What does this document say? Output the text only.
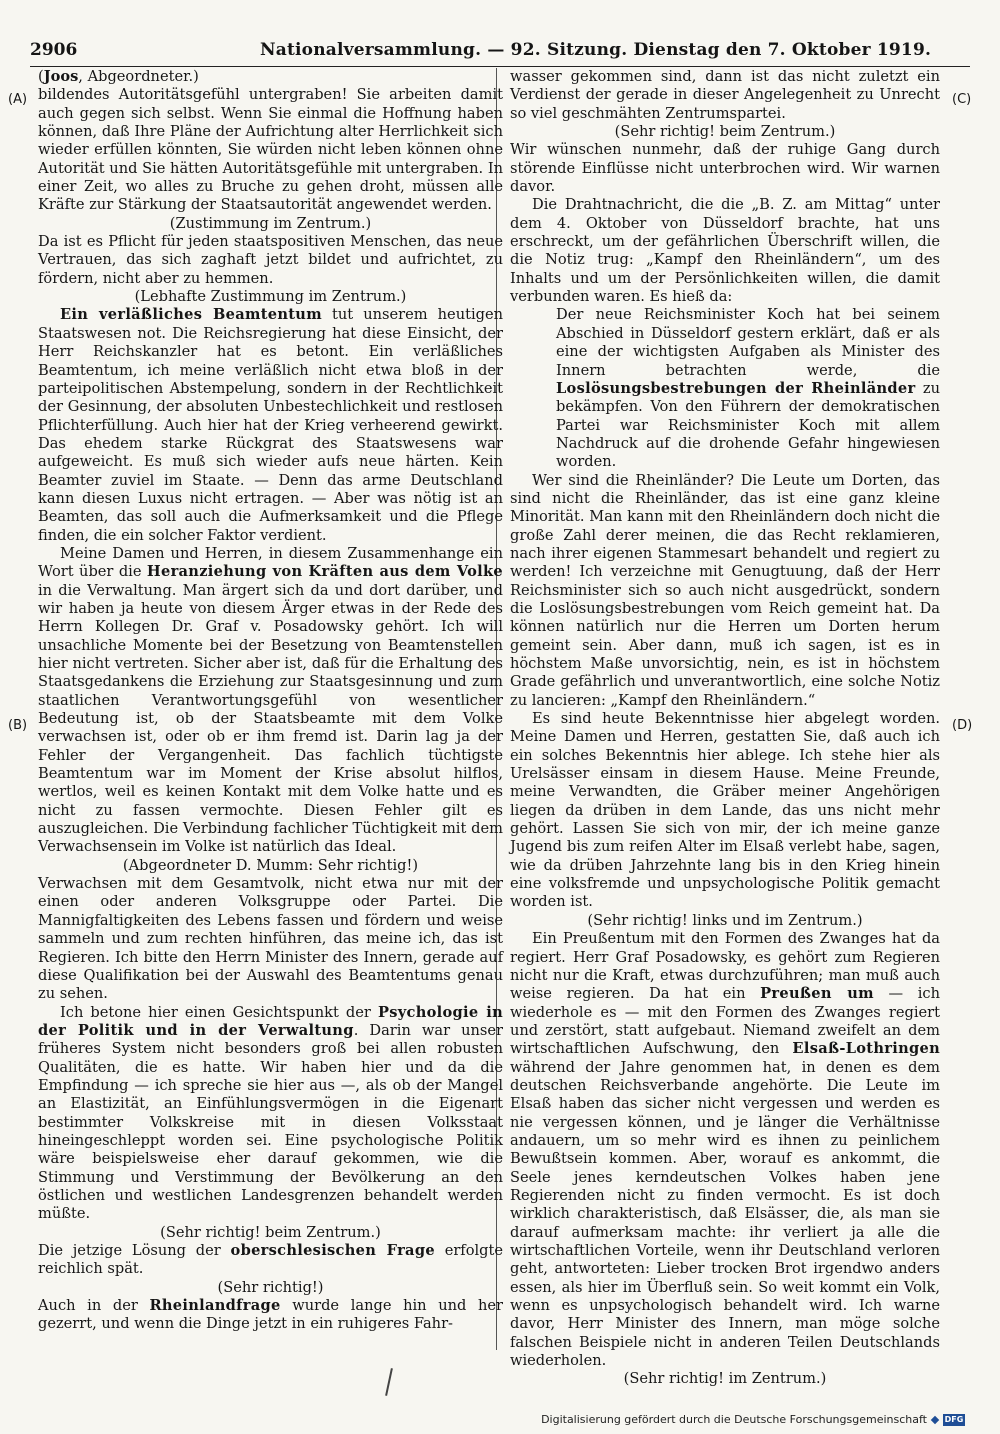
2906	Nationalversammlung. — 92. Sitzung. Dienstag den 7. Oktober 1919.
(A)
(B)
(C)
(D)

(Joos, Abgeordneter.)

bildendes Autoritätsgefühl untergraben! Sie arbeiten damit auch gegen sich selbst. Wenn Sie einmal die Hoffnung haben können, daß Ihre Pläne der Aufrichtung alter Herrlichkeit sich wieder erfüllen könnten, Sie würden nicht leben können ohne Autorität und Sie hätten Autoritätsgefühle mit untergraben. In einer Zeit, wo alles zu Bruche zu gehen droht, müssen alle Kräfte zur Stärkung der Staatsautorität angewendet werden.

(Zustimmung im Zentrum.)

Da ist es Pflicht für jeden staatspositiven Menschen, das neue Vertrauen, das sich zaghaft jetzt bildet und aufrichtet, zu fördern, nicht aber zu hemmen.

(Lebhafte Zustimmung im Zentrum.)

Ein verläßliches Beamtentum tut unserem heutigen Staatswesen not. Die Reichsregierung hat diese Einsicht, der Herr Reichskanzler hat es betont. Ein verläßliches Beamtentum, ich meine verläßlich nicht etwa bloß in der parteipolitischen Abstempelung, sondern in der Rechtlichkeit der Gesinnung, der absoluten Unbestechlichkeit und restlosen Pflichterfüllung. Auch hier hat der Krieg verheerend gewirkt. Das ehedem starke Rückgrat des Staatswesens war aufgeweicht. Es muß sich wieder aufs neue härten. Kein Beamter zuviel im Staate. — Denn das arme Deutschland kann diesen Luxus nicht ertragen. — Aber was nötig ist an Beamten, das soll auch die Aufmerksamkeit und die Pflege finden, die ein solcher Faktor verdient.

Meine Damen und Herren, in diesem Zusammenhange ein Wort über die Heranziehung von Kräften aus dem Volke in die Verwaltung. Man ärgert sich da und dort darüber, und wir haben ja heute von diesem Ärger etwas in der Rede des Herrn Kollegen Dr. Graf v. Posadowsky gehört. Ich will unsachliche Momente bei der Besetzung von Beamtenstellen hier nicht vertreten. Sicher aber ist, daß für die Erhaltung des Staatsgedankens die Erziehung zur Staatsgesinnung und zum staatlichen Verantwortungsgefühl von wesentlicher Bedeutung ist, ob der Staatsbeamte mit dem Volke verwachsen ist, oder ob er ihm fremd ist. Darin lag ja der Fehler der Vergangenheit. Das fachlich tüchtigste Beamtentum war im Moment der Krise absolut hilflos, wertlos, weil es keinen Kontakt mit dem Volke hatte und es nicht zu fassen vermochte. Diesen Fehler gilt es auszugleichen. Die Verbindung fachlicher Tüchtigkeit mit dem Verwachsensein im Volke ist natürlich das Ideal.

(Abgeordneter D. Mumm: Sehr richtig!)

Verwachsen mit dem Gesamtvolk, nicht etwa nur mit der einen oder anderen Volksgruppe oder Partei. Die Mannigfaltigkeiten des Lebens fassen und fördern und weise sammeln und zum rechten hinführen, das meine ich, das ist Regieren. Ich bitte den Herrn Minister des Innern, gerade auf diese Qualifikation bei der Auswahl des Beamtentums genau zu sehen.

Ich betone hier einen Gesichtspunkt der Psychologie in der Politik und in der Verwaltung. Darin war unser früheres System nicht besonders groß bei allen robusten Qualitäten, die es hatte. Wir haben hier und da die Empfindung — ich spreche sie hier aus —, als ob der Mangel an Elastizität, an Einfühlungsvermögen in die Eigenart bestimmter Volkskreise mit in diesen Volksstaat hineingeschleppt worden sei. Eine psychologische Politik wäre beispielsweise eher darauf gekommen, wie die Stimmung und Verstimmung der Bevölkerung an den östlichen und westlichen Landesgrenzen behandelt werden müßte.

(Sehr richtig! beim Zentrum.)

Die jetzige Lösung der oberschlesischen Frage erfolgte reichlich spät.

(Sehr richtig!)

Auch in der Rheinlandfrage wurde lange hin und her gezerrt, und wenn die Dinge jetzt in ein ruhigeres Fahr-

wasser gekommen sind, dann ist das nicht zuletzt ein Verdienst der gerade in dieser Angelegenheit zu Unrecht so viel geschmähten Zentrumspartei.

(Sehr richtig! beim Zentrum.)

Wir wünschen nunmehr, daß der ruhige Gang durch störende Einflüsse nicht unterbrochen wird. Wir warnen davor.

Die Drahtnachricht, die die „B. Z. am Mittag“ unter dem 4. Oktober von Düsseldorf brachte, hat uns erschreckt, um der gefährlichen Überschrift willen, die die Notiz trug: „Kampf den Rheinländern“, um des Inhalts und um der Persönlichkeiten willen, die damit verbunden waren. Es hieß da:

Der neue Reichsminister Koch hat bei seinem Abschied in Düsseldorf gestern erklärt, daß er als eine der wichtigsten Aufgaben als Minister des Innern betrachten werde, die Loslösungsbestrebungen der Rheinländer zu bekämpfen. Von den Führern der demokratischen Partei war Reichsminister Koch mit allem Nachdruck auf die drohende Gefahr hingewiesen worden.

Wer sind die Rheinländer? Die Leute um Dorten, das sind nicht die Rheinländer, das ist eine ganz kleine Minorität. Man kann mit den Rheinländern doch nicht die große Zahl derer meinen, die das Recht reklamieren, nach ihrer eigenen Stammesart behandelt und regiert zu werden! Ich verzeichne mit Genugtuung, daß der Herr Reichsminister sich so auch nicht ausgedrückt, sondern die Loslösungsbestrebungen vom Reich gemeint hat. Da können natürlich nur die Herren um Dorten herum gemeint sein. Aber dann, muß ich sagen, ist es in höchstem Maße unvorsichtig, nein, es ist in höchstem Grade gefährlich und unverantwortlich, eine solche Notiz zu lancieren: „Kampf den Rheinländern.“

Es sind heute Bekenntnisse hier abgelegt worden. Meine Damen und Herren, gestatten Sie, daß auch ich ein solches Bekenntnis hier ablege. Ich stehe hier als Urelsässer einsam in diesem Hause. Meine Freunde, meine Verwandten, die Gräber meiner Angehörigen liegen da drüben in dem Lande, das uns nicht mehr gehört. Lassen Sie sich von mir, der ich meine ganze Jugend bis zum reifen Alter im Elsaß verlebt habe, sagen, wie da drüben Jahrzehnte lang bis in den Krieg hinein eine volksfremde und unpsychologische Politik gemacht worden ist.

(Sehr richtig! links und im Zentrum.)

Ein Preußentum mit den Formen des Zwanges hat da regiert. Herr Graf Posadowsky, es gehört zum Regieren nicht nur die Kraft, etwas durchzuführen; man muß auch weise regieren. Da hat ein Preußen um — ich wiederhole es — mit den Formen des Zwanges regiert und zerstört, statt aufgebaut. Niemand zweifelt an dem wirtschaftlichen Aufschwung, den Elsaß-Lothringen während der Jahre genommen hat, in denen es dem deutschen Reichsverbande angehörte. Die Leute im Elsaß haben das sicher nicht vergessen und werden es nie vergessen können, und je länger die Verhältnisse andauern, um so mehr wird es ihnen zu peinlichem Bewußtsein kommen. Aber, worauf es ankommt, die Seele jenes kerndeutschen Volkes haben jene Regierenden nicht zu finden vermocht. Es ist doch wirklich charakteristisch, daß Elsässer, die, als man sie darauf aufmerksam machte: ihr verliert ja alle die wirtschaftlichen Vorteile, wenn ihr Deutschland verloren geht, antworteten: Lieber trocken Brot irgendwo anders essen, als hier im Überfluß sein. So weit kommt ein Volk, wenn es unpsychologisch behandelt wird. Ich warne davor, Herr Minister des Innern, man möge solche falschen Beispiele nicht in anderen Teilen Deutschlands wiederholen.

(Sehr richtig! im Zentrum.)

Digitalisierung gefördert durch die Deutsche Forschungsgemeinschaft DFG
